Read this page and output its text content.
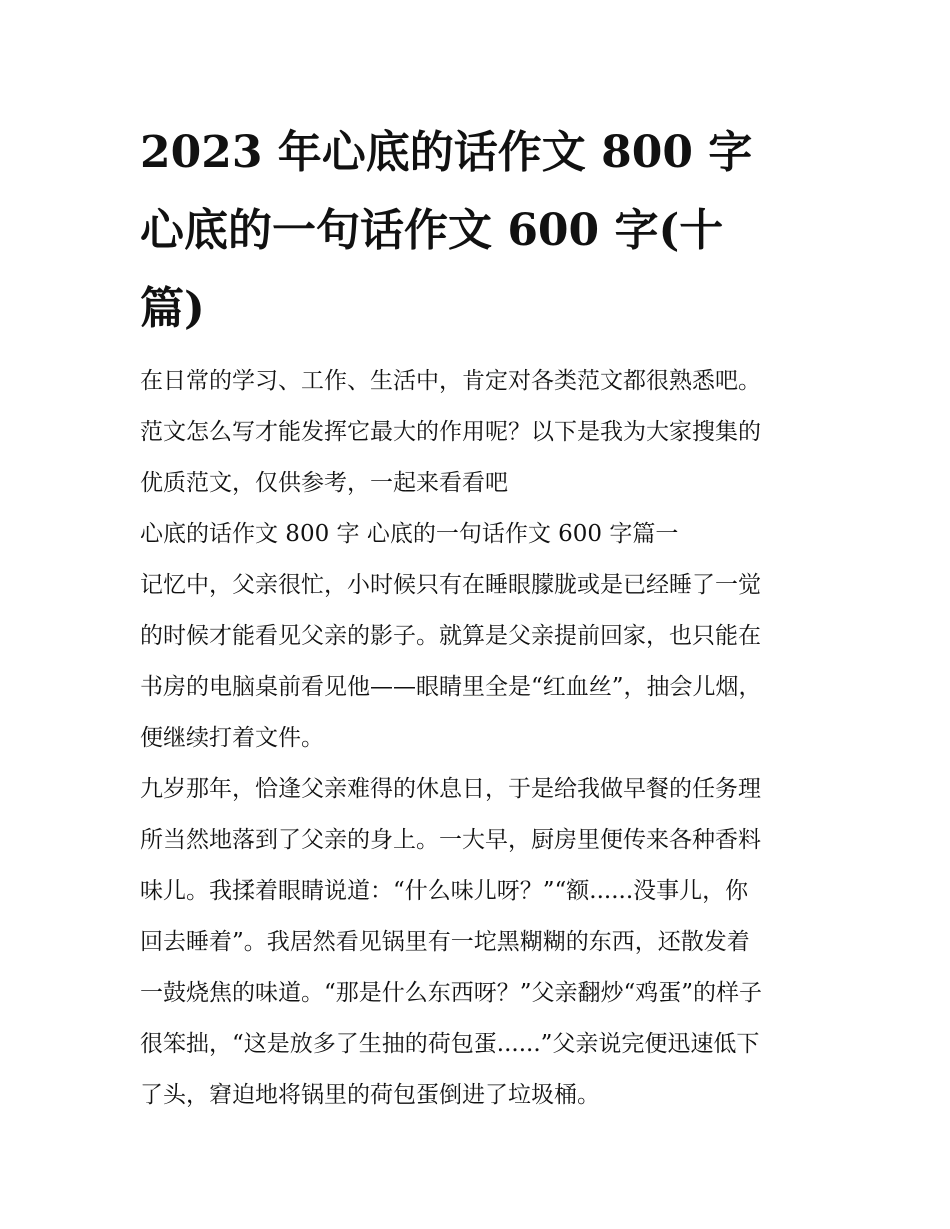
2023 年心底的话作文 800 字
心底的一句话作文 600 字(十
篇)
在日常的学习、工作、生活中，肯定对各类范文都很熟悉吧。
范文怎么写才能发挥它最大的作用呢？以下是我为大家搜集的
优质范文，仅供参考，一起来看看吧
心底的话作文 800 字 心底的一句话作文 600 字篇一
记忆中，父亲很忙，小时候只有在睡眼朦胧或是已经睡了一觉
的时候才能看见父亲的影子。就算是父亲提前回家，也只能在
书房的电脑桌前看见他——眼睛里全是“红血丝”，抽会儿烟，
便继续打着文件。
九岁那年，恰逢父亲难得的休息日，于是给我做早餐的任务理
所当然地落到了父亲的身上。一大早，厨房里便传来各种香料
味儿。我揉着眼睛说道：“什么味儿呀？”“额......没事儿，你
回去睡着”。我居然看见锅里有一坨黑糊糊的东西，还散发着
一鼓烧焦的味道。“那是什么东西呀？”父亲翻炒“鸡蛋”的样子
很笨拙，“这是放多了生抽的荷包蛋......”父亲说完便迅速低下
了头，窘迫地将锅里的荷包蛋倒进了垃圾桶。
